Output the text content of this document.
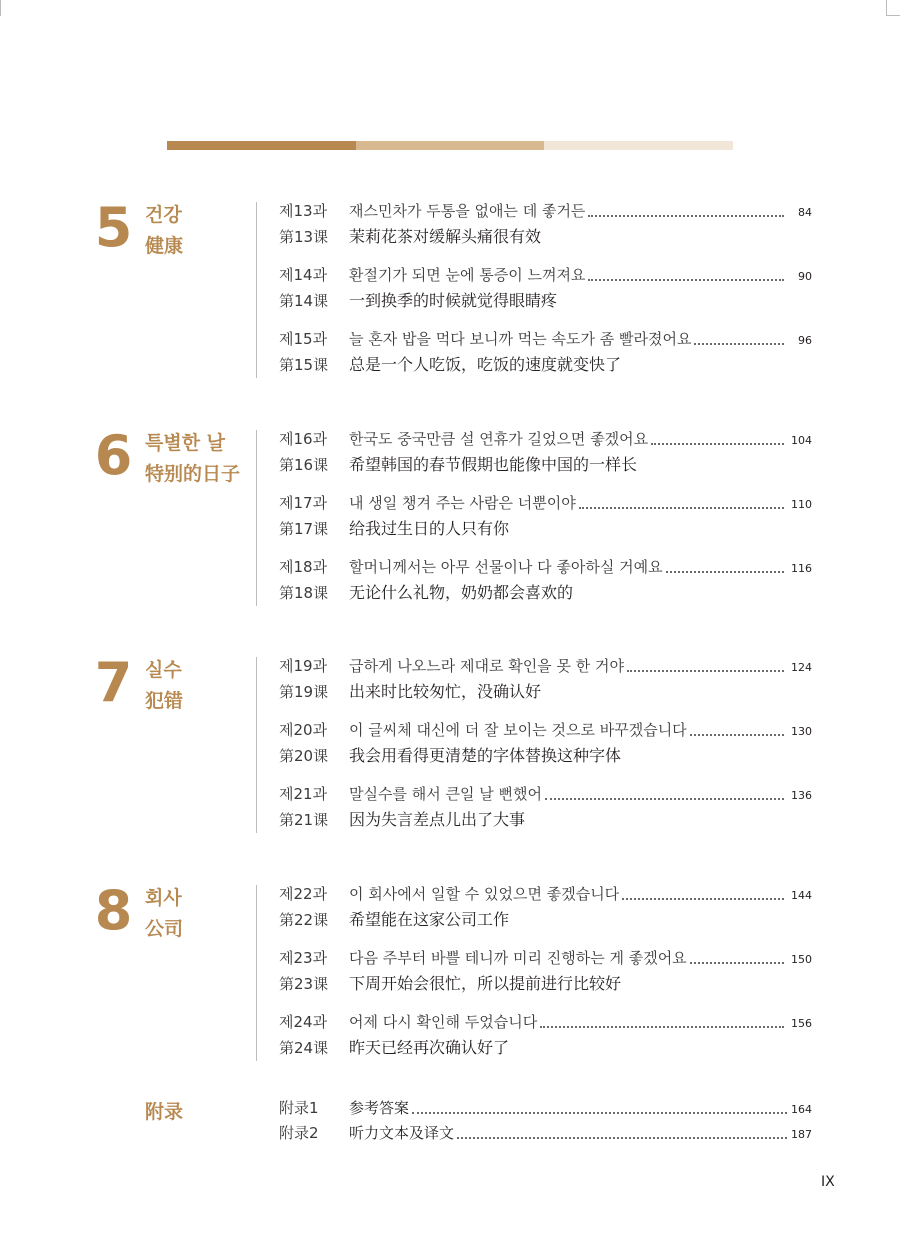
5 건강
健康
제13과	재스민차가 두통을 없애는 데 좋거든	84
第13课	茉莉花茶对缓解头痛很有效
제14과	환절기가 되면 눈에 통증이 느껴져요	90
第14课	一到换季的时候就觉得眼睛疼
제15과	늘 혼자 밥을 먹다 보니까 먹는 속도가 좀 빨라졌어요	96
第15课	总是一个人吃饭，吃饭的速度就变快了
6 특별한 날
特别的日子
제16과	한국도 중국만큼 설 연휴가 길었으면 좋겠어요	104
第16课	希望韩国的春节假期也能像中国的一样长
제17과	내 생일 챙겨 주는 사람은 너뿐이야	110
第17课	给我过生日的人只有你
제18과	할머니께서는 아무 선물이나 다 좋아하실 거예요	116
第18课	无论什么礼物，奶奶都会喜欢的
7 실수
犯错
제19과	급하게 나오느라 제대로 확인을 못 한 거야	124
第19课	出来时比较匆忙，没确认好
제20과	이 글씨체 대신에 더 잘 보이는 것으로 바꾸겠습니다	130
第20课	我会用看得更清楚的字体替换这种字体
제21과	말실수를 해서 큰일 날 뻔했어	136
第21课	因为失言差点儿出了大事
8 회사
公司
제22과	이 회사에서 일할 수 있었으면 좋겠습니다	144
第22课	希望能在这家公司工作
제23과	다음 주부터 바쁠 테니까 미리 진행하는 게 좋겠어요	150
第23课	下周开始会很忙，所以提前进行比较好
제24과	어제 다시 확인해 두었습니다	156
第24课	昨天已经再次确认好了
附录	附录1	参考答案	164
附录2	听力文本及译文	187
IX
